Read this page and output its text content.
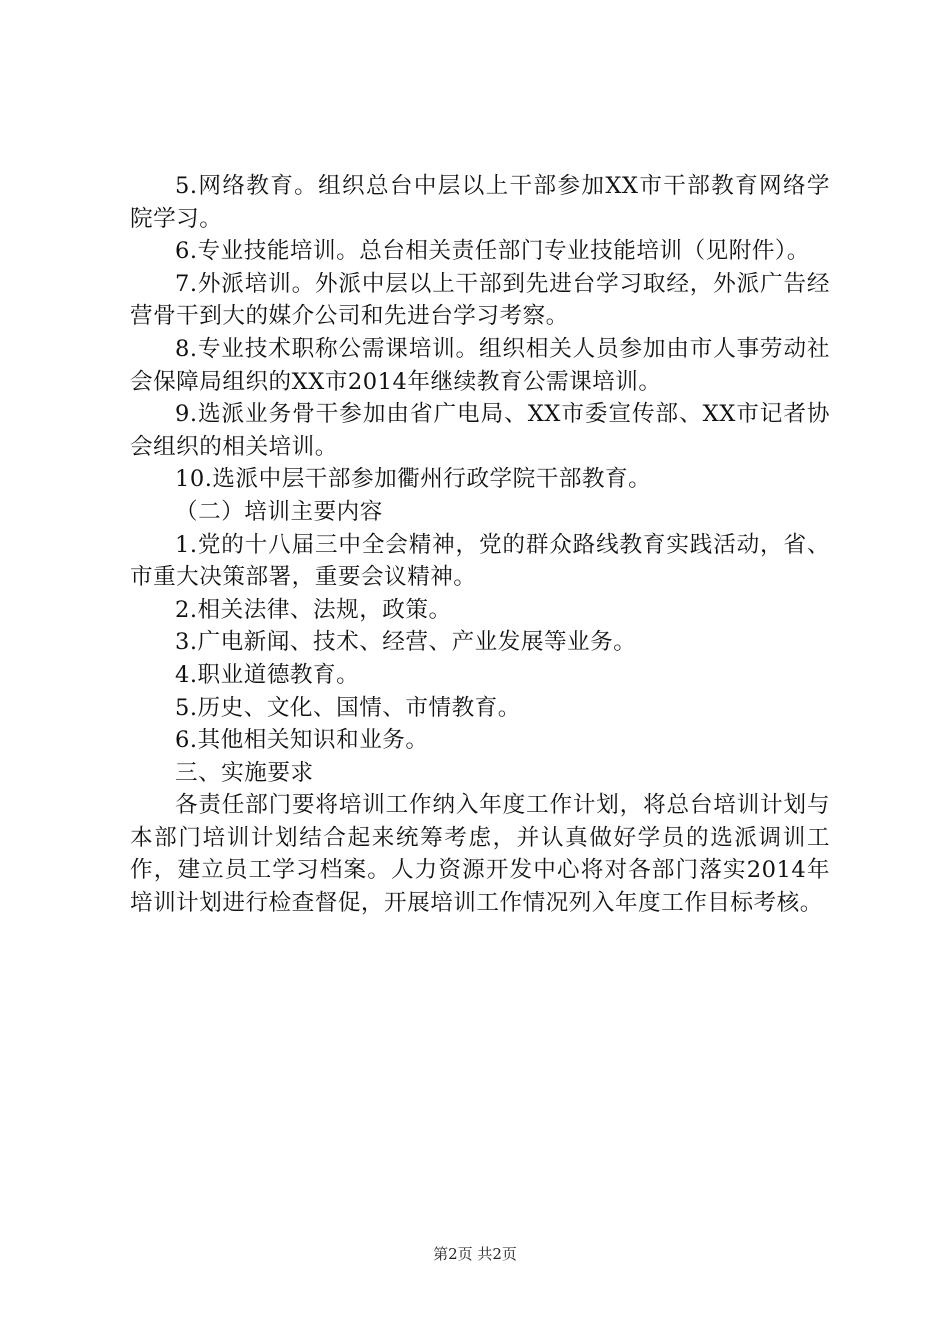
5.网络教育。组织总台中层以上干部参加XX市干部教育网络学院学习。

6.专业技能培训。总台相关责任部门专业技能培训（见附件）。

7.外派培训。外派中层以上干部到先进台学习取经，外派广告经营骨干到大的媒介公司和先进台学习考察。

8.专业技术职称公需课培训。组织相关人员参加由市人事劳动社会保障局组织的XX市2014年继续教育公需课培训。

9.选派业务骨干参加由省广电局、XX市委宣传部、XX市记者协会组织的相关培训。

10.选派中层干部参加衢州行政学院干部教育。

（二）培训主要内容

1.党的十八届三中全会精神，党的群众路线教育实践活动，省、市重大决策部署，重要会议精神。

2.相关法律、法规，政策。

3.广电新闻、技术、经营、产业发展等业务。

4.职业道德教育。

5.历史、文化、国情、市情教育。

6.其他相关知识和业务。

三、实施要求

各责任部门要将培训工作纳入年度工作计划，将总台培训计划与本部门培训计划结合起来统筹考虑，并认真做好学员的选派调训工作，建立员工学习档案。人力资源开发中心将对各部门落实2014年培训计划进行检查督促，开展培训工作情况列入年度工作目标考核。

第2页 共2页
